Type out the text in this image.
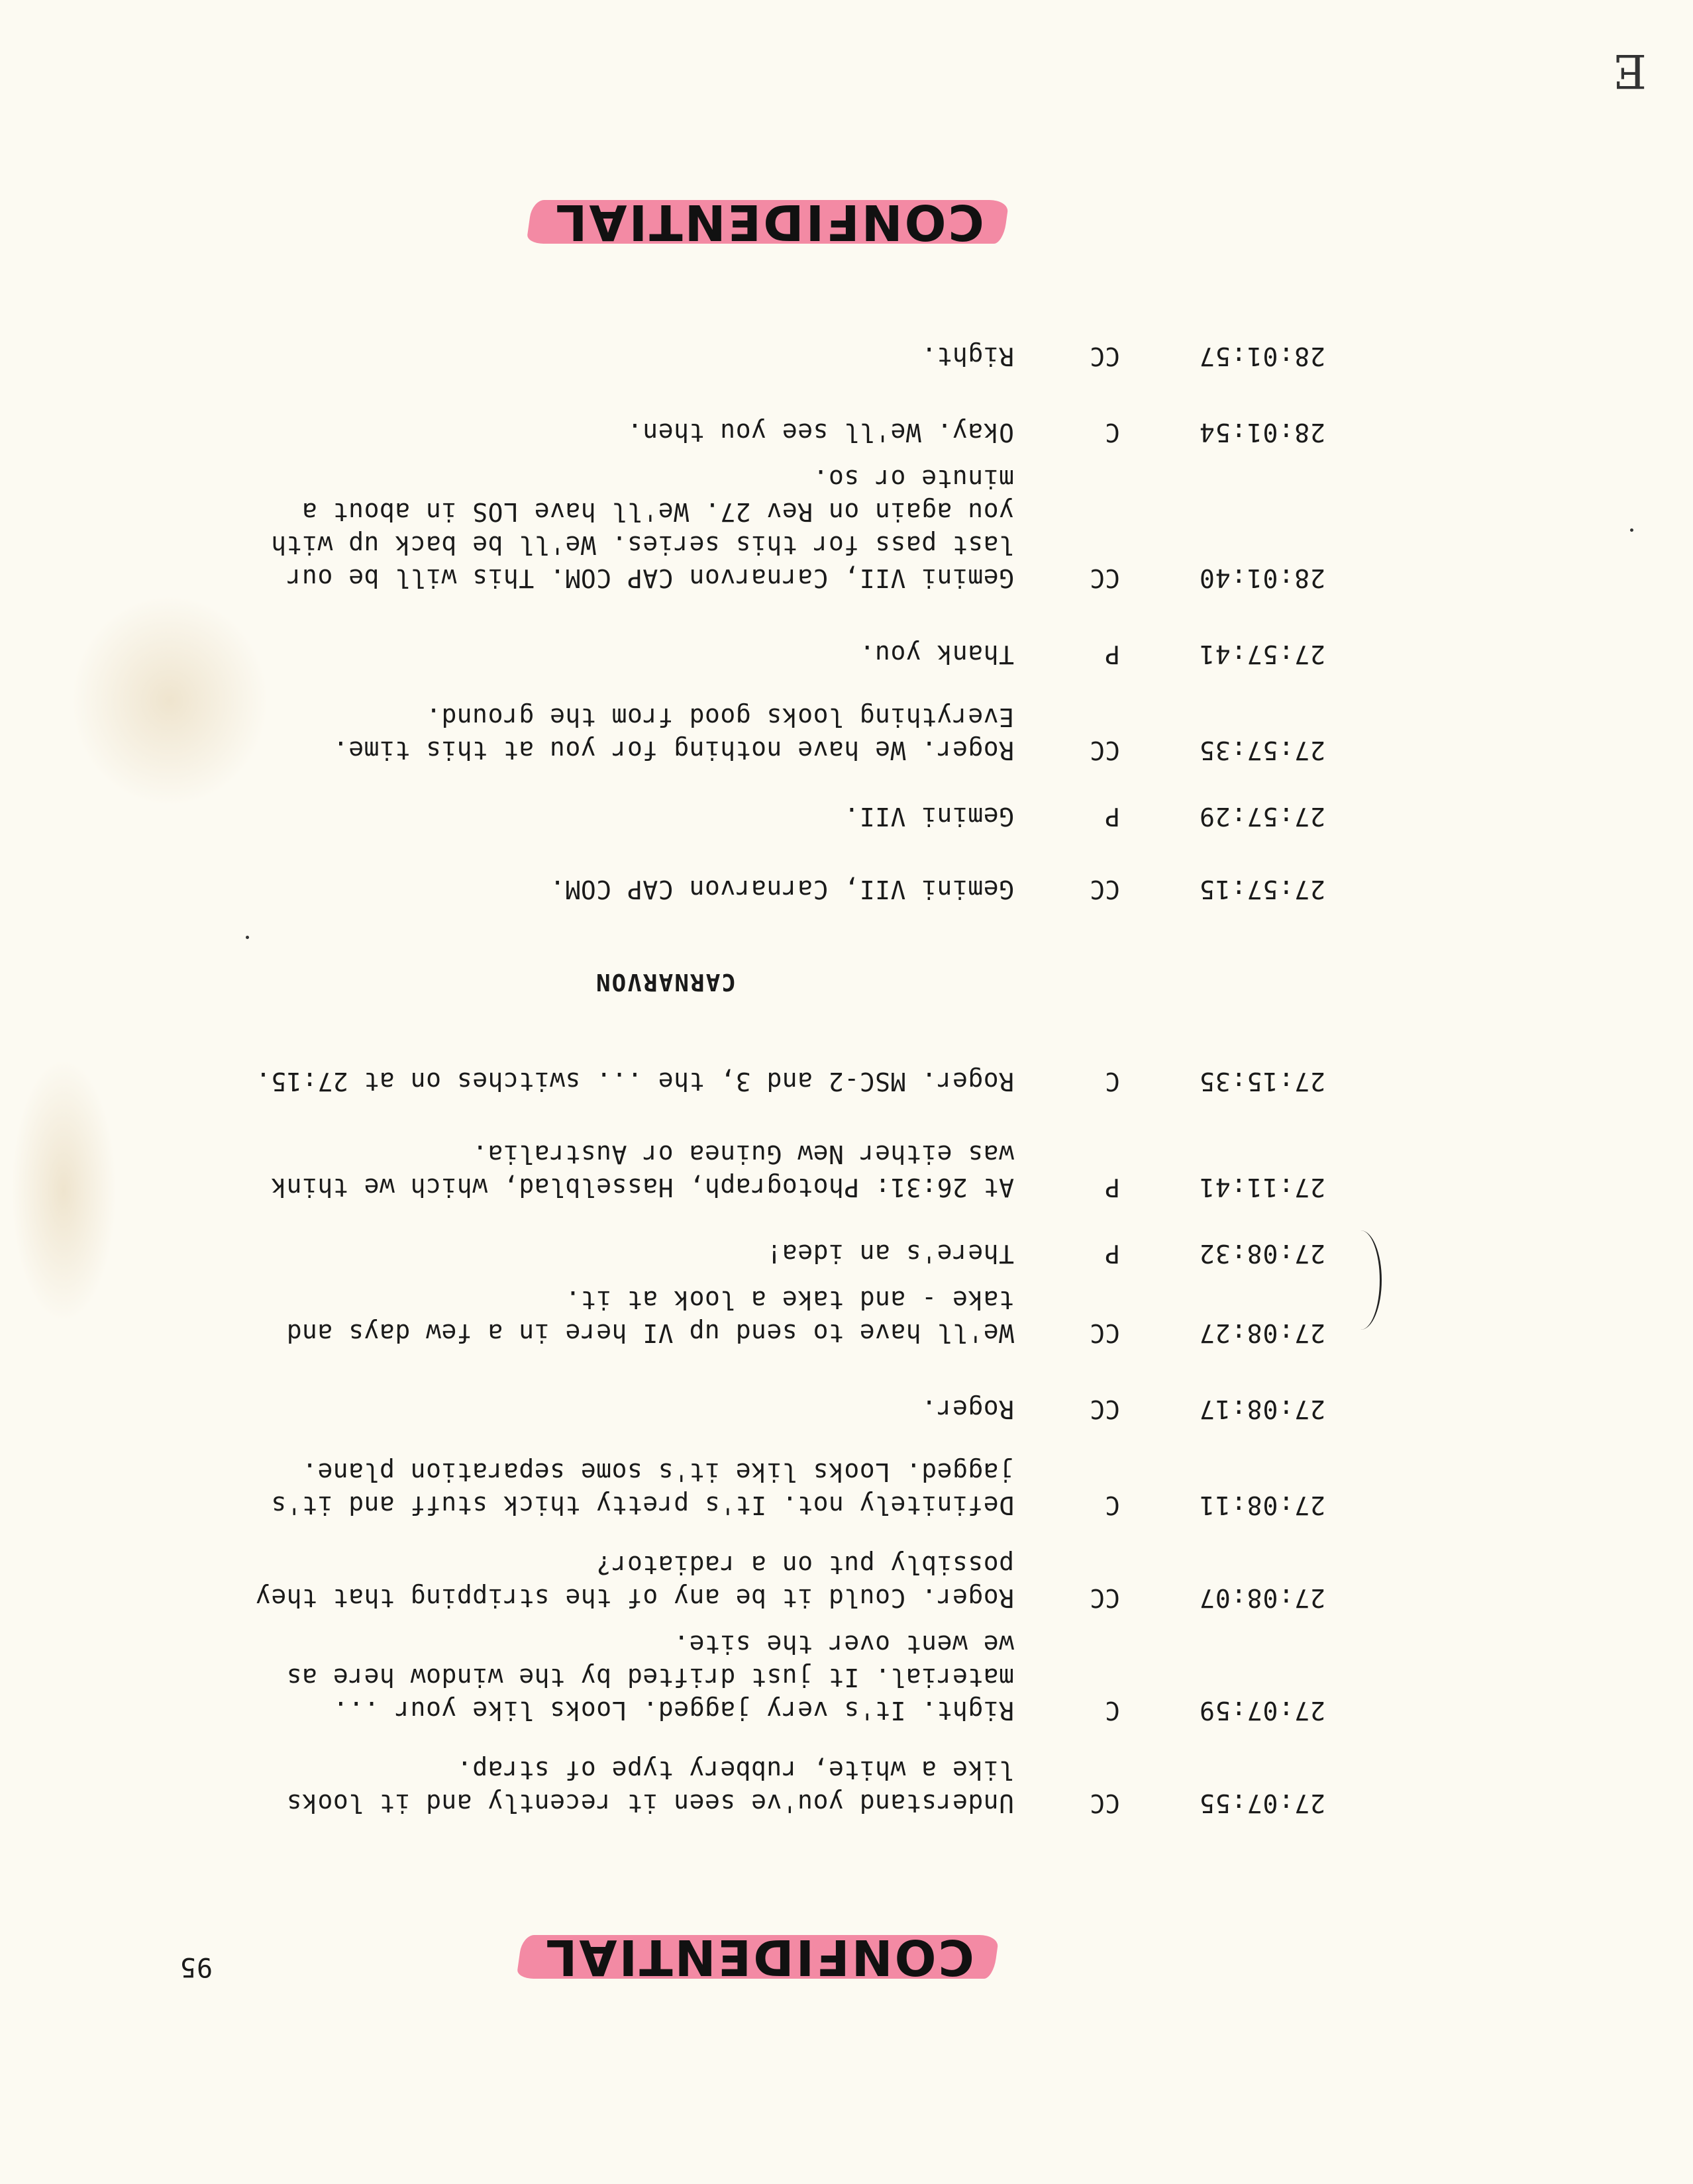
95	CONFIDENTIAL
27:07:55
CC
Understand you've seen it recently and it looks
like a white, rubbery type of strap.
27:07:59
C
Right. It's very jagged. Looks like your ...
material. It just drifted by the window here as
we went over the site.
27:08:07
CC
Roger. Could it be any of the stripping that they
possibly put on a radiator?
27:08:11
C
Definitely not. It's pretty thick stuff and it's
jagged. Looks like it's some separation plane.
27:08:17
CC
Roger.
27:08:27
CC
We'll have to send up VI here in a few days and
take - and take a look at it.
27:08:32
P
There's an idea!
27:11:41
P
At 26:31: Photograph, Hasselblad, which we think
was either New Guinea or Australia.
27:15:35
C
Roger. MSC-2 and 3, the ... switches on at 27:15.
CARNARVON
27:57:15
CC
Gemini VII, Carnarvon CAP COM.
27:57:29
P
Gemini VII.
27:57:35
CC
Roger. We have nothing for you at this time.
Everything looks good from the ground.
27:57:41
P
Thank you.
28:01:40
CC
Gemini VII, Carnarvon CAP COM. This will be our
last pass for this series. We'll be back up with
you again on Rev 27. We'll have LOS in about a
minute or so.
28:01:54
C
Okay. We'll see you then.
28:01:57
CC
Right.
CONFIDENTIAL
E
